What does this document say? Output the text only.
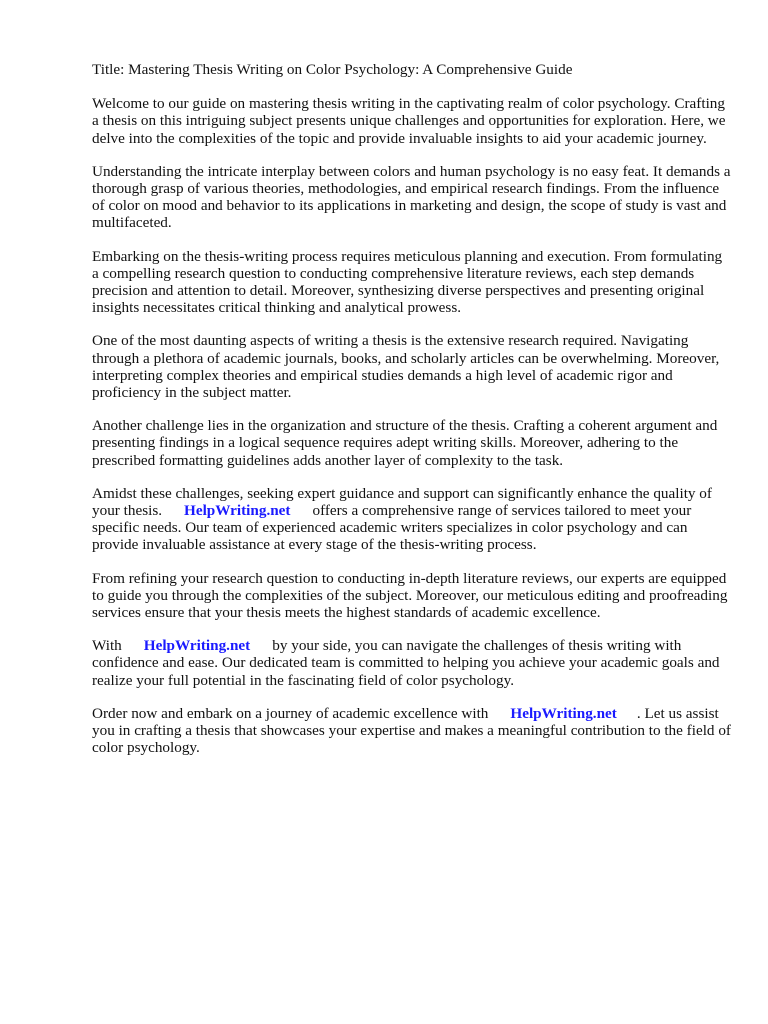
Title: Mastering Thesis Writing on Color Psychology: A Comprehensive Guide

Welcome to our guide on mastering thesis writing in the captivating realm of color psychology. Crafting a thesis on this intriguing subject presents unique challenges and opportunities for exploration. Here, we delve into the complexities of the topic and provide invaluable insights to aid your academic journey.

Understanding the intricate interplay between colors and human psychology is no easy feat. It demands a thorough grasp of various theories, methodologies, and empirical research findings. From the influence of color on mood and behavior to its applications in marketing and design, the scope of study is vast and multifaceted.

Embarking on the thesis-writing process requires meticulous planning and execution. From formulating a compelling research question to conducting comprehensive literature reviews, each step demands precision and attention to detail. Moreover, synthesizing diverse perspectives and presenting original insights necessitates critical thinking and analytical prowess.

One of the most daunting aspects of writing a thesis is the extensive research required. Navigating through a plethora of academic journals, books, and scholarly articles can be overwhelming. Moreover, interpreting complex theories and empirical studies demands a high level of academic rigor and proficiency in the subject matter.

Another challenge lies in the organization and structure of the thesis. Crafting a coherent argument and presenting findings in a logical sequence requires adept writing skills. Moreover, adhering to the prescribed formatting guidelines adds another layer of complexity to the task.

Amidst these challenges, seeking expert guidance and support can significantly enhance the quality of your thesis. HelpWriting.net offers a comprehensive range of services tailored to meet your specific needs. Our team of experienced academic writers specializes in color psychology and can provide invaluable assistance at every stage of the thesis-writing process.

From refining your research question to conducting in-depth literature reviews, our experts are equipped to guide you through the complexities of the subject. Moreover, our meticulous editing and proofreading services ensure that your thesis meets the highest standards of academic excellence.

With HelpWriting.net by your side, you can navigate the challenges of thesis writing with confidence and ease. Our dedicated team is committed to helping you achieve your academic goals and realize your full potential in the fascinating field of color psychology.

Order now and embark on a journey of academic excellence with HelpWriting.net . Let us assist you in crafting a thesis that showcases your expertise and makes a meaningful contribution to the field of color psychology.
